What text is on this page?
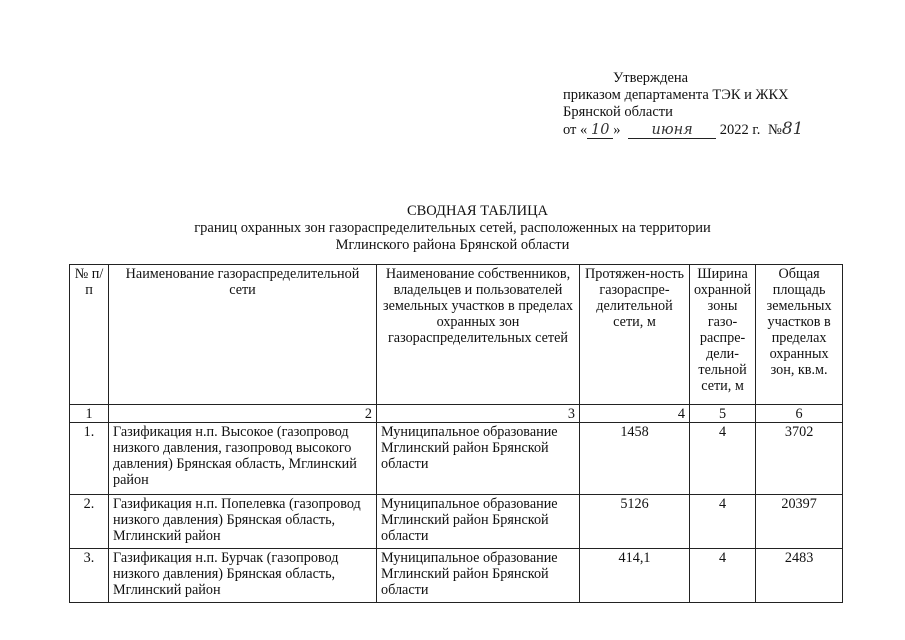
Утверждена
приказом департамента ТЭК и ЖКХ
Брянской области
от « 10 » июня 2022 г. №81
СВОДНАЯ ТАБЛИЦА
границ охранных зон газораспределительных сетей, расположенных на территории
Мглинского района Брянской области
№ п/п	Наименование газораспределительной сети	Наименование собственников, владельцев и пользователей земельных участков в пределах охранных зон газораспределительных сетей	Протяжен-ность газораспре-делительной сети, м	Ширина охранной зоны газо-распре-дели-тельной сети, м	Общая площадь земельных участков в пределах охранных зон, кв.м.
1	2	3	4	5	6
1.	Газификация н.п. Высокое (газопровод низкого давления, газопровод высокого давления) Брянская область, Мглинский район	Муниципальное образование Мглинский район Брянской области	1458	4	3702
2.	Газификация н.п. Попелевка (газопровод низкого давления) Брянская область, Мглинский район	Муниципальное образование Мглинский район Брянской области	5126	4	20397
3.	Газификация н.п. Бурчак (газопровод низкого давления) Брянская область, Мглинский район	Муниципальное образование Мглинский район Брянской области	414,1	4	2483
